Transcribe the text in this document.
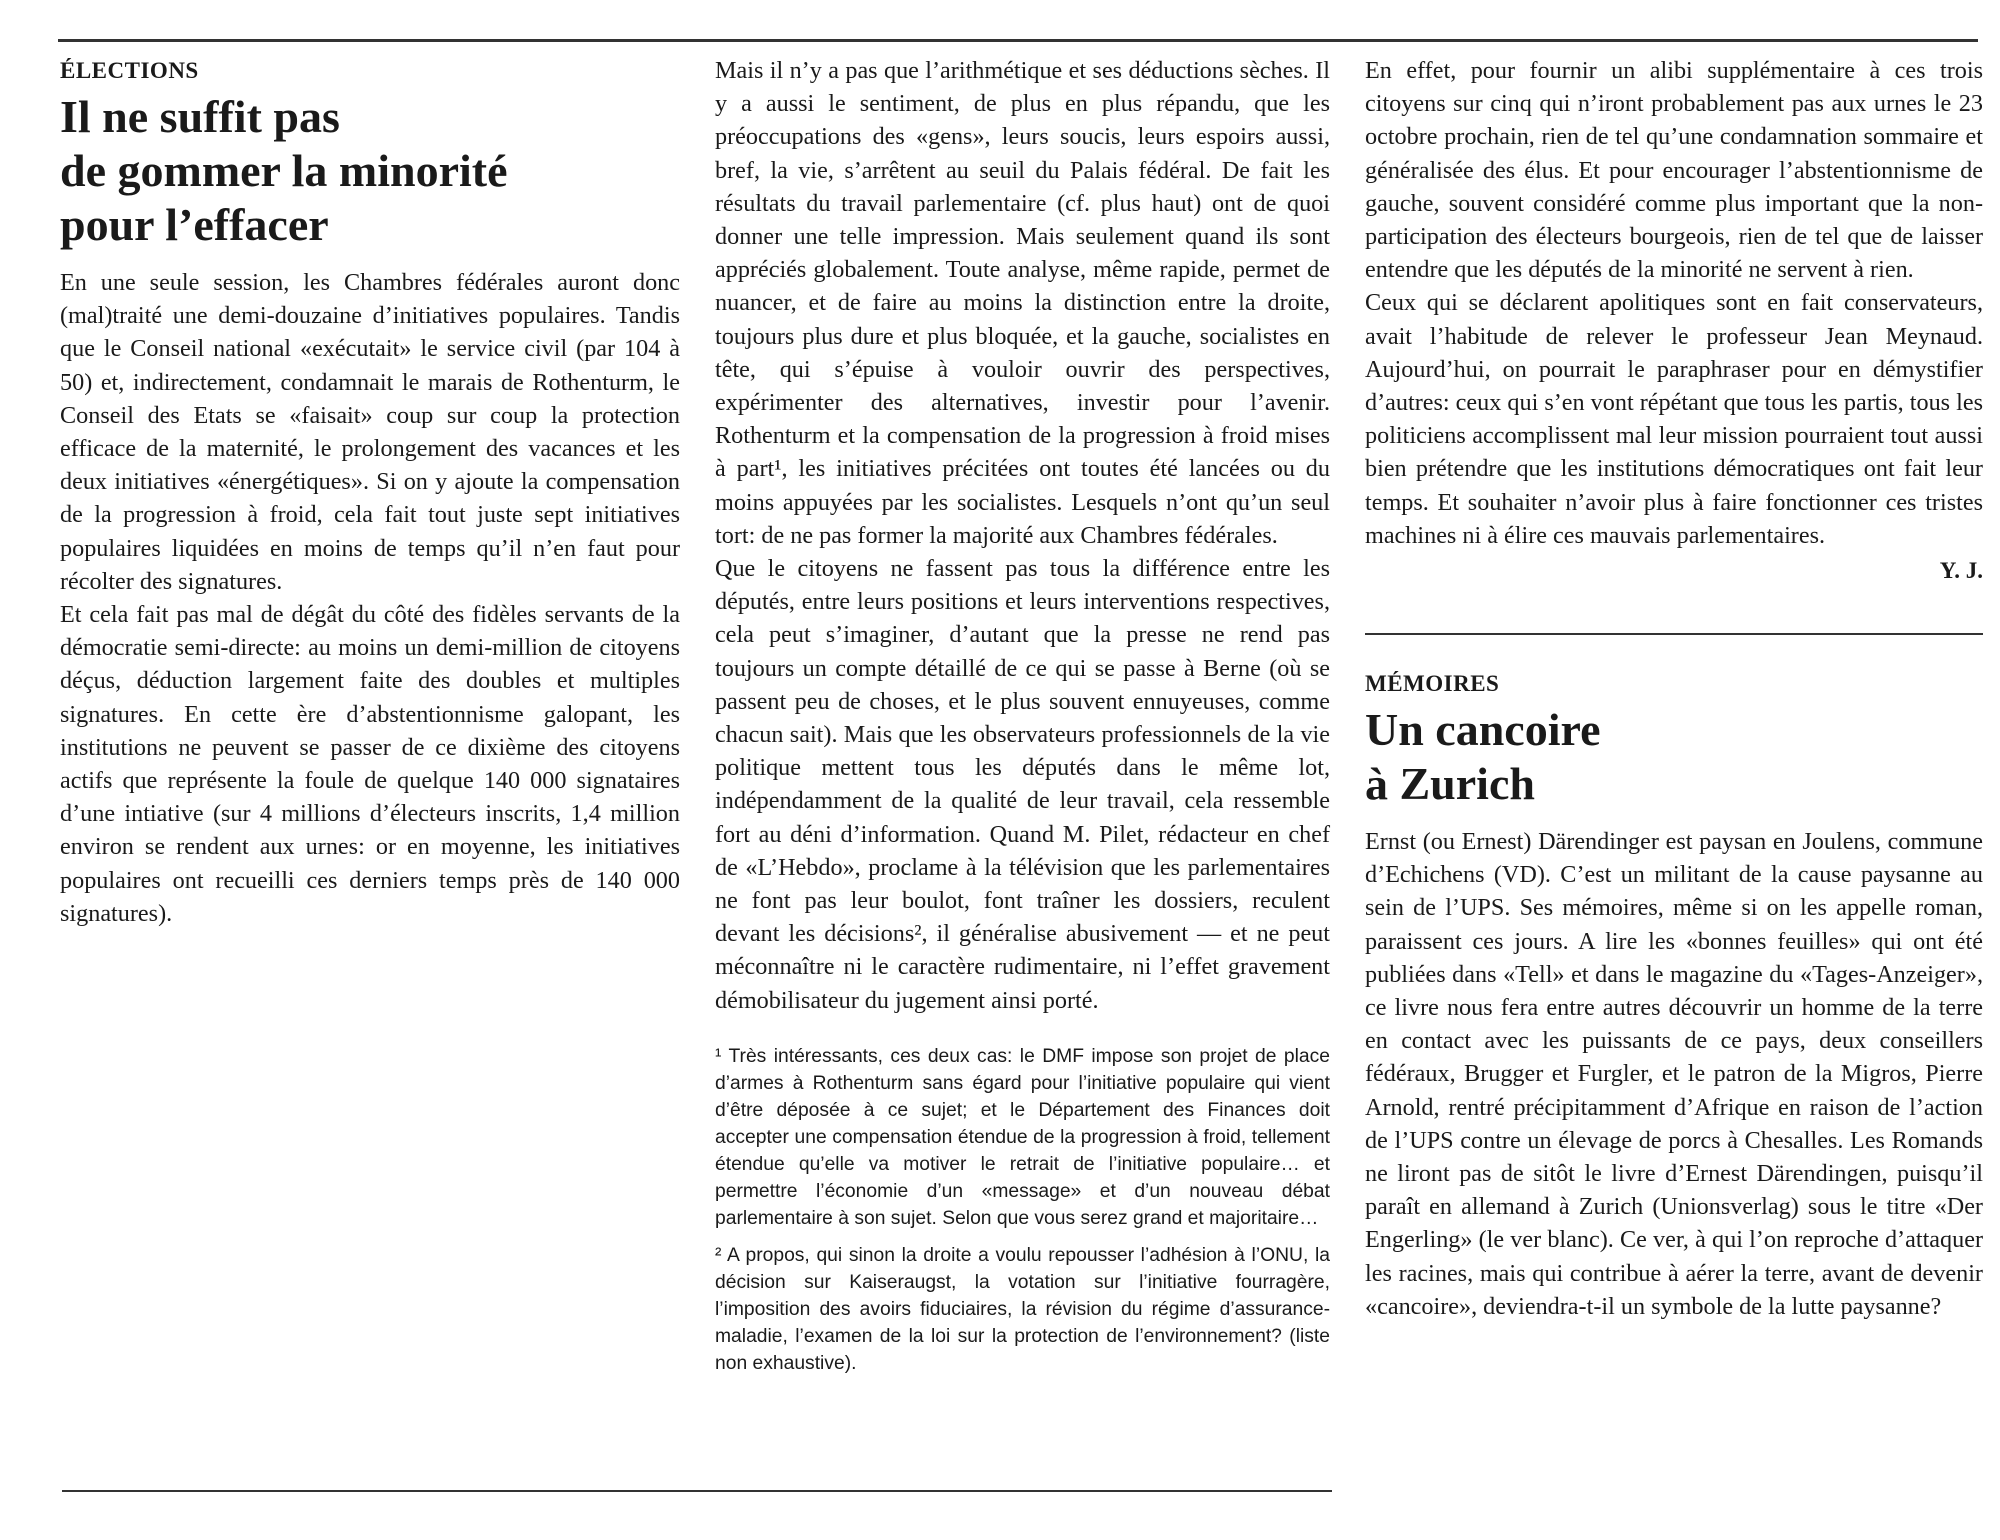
ÉLECTIONS
Il ne suffit pas
de gommer la minorité
pour l’effacer

En une seule session, les Chambres fédérales auront donc (mal)traité une demi-douzaine d’initiatives populaires. Tandis que le Conseil national «exécutait» le service civil (par 104 à 50) et, indirectement, condamnait le marais de Rothenturm, le Conseil des Etats se «faisait» coup sur coup la protection efficace de la maternité, le prolongement des vacances et les deux initiatives «énergétiques». Si on y ajoute la compensation de la progression à froid, cela fait tout juste sept initiatives populaires liquidées en moins de temps qu’il n’en faut pour récolter des signatures.

Et cela fait pas mal de dégât du côté des fidèles servants de la démocratie semi-directe: au moins un demi-million de citoyens déçus, déduction largement faite des doubles et multiples signatures. En cette ère d’abstentionnisme galopant, les institutions ne peuvent se passer de ce dixième des citoyens actifs que représente la foule de quelque 140 000 signataires d’une intiative (sur 4 millions d’électeurs inscrits, 1,4 million environ se rendent aux urnes: or en moyenne, les initiatives populaires ont recueilli ces derniers temps près de 140 000 signatures).

Mais il n’y a pas que l’arithmétique et ses déductions sèches. Il y a aussi le sentiment, de plus en plus répandu, que les préoccupations des «gens», leurs soucis, leurs espoirs aussi, bref, la vie, s’arrêtent au seuil du Palais fédéral. De fait les résultats du travail parlementaire (cf. plus haut) ont de quoi donner une telle impression. Mais seulement quand ils sont appréciés globalement. Toute analyse, même rapide, permet de nuancer, et de faire au moins la distinction entre la droite, toujours plus dure et plus bloquée, et la gauche, socialistes en tête, qui s’épuise à vouloir ouvrir des perspectives, expérimenter des alternatives, investir pour l’avenir. Rothenturm et la compensation de la progression à froid mises à part¹, les initiatives précitées ont toutes été lancées ou du moins appuyées par les socialistes. Lesquels n’ont qu’un seul tort: de ne pas former la majorité aux Chambres fédérales.

Que le citoyens ne fassent pas tous la différence entre les députés, entre leurs positions et leurs interventions respectives, cela peut s’imaginer, d’autant que la presse ne rend pas toujours un compte détaillé de ce qui se passe à Berne (où se passent peu de choses, et le plus souvent ennuyeuses, comme chacun sait). Mais que les observateurs professionnels de la vie politique mettent tous les députés dans le même lot, indépendamment de la qualité de leur travail, cela ressemble fort au déni d’information. Quand M. Pilet, rédacteur en chef de «L’Hebdo», proclame à la télévision que les parlementaires ne font pas leur boulot, font traîner les dossiers, reculent devant les décisions², il généralise abusivement — et ne peut méconnaître ni le caractère rudimentaire, ni l’effet gravement démobilisateur du jugement ainsi porté.

¹ Très intéressants, ces deux cas: le DMF impose son projet de place d’armes à Rothenturm sans égard pour l’initiative populaire qui vient d’être déposée à ce sujet; et le Département des Finances doit accepter une compensation étendue de la progression à froid, tellement étendue qu’elle va motiver le retrait de l’initiative populaire… et permettre l’économie d’un «message» et d’un nouveau débat parlementaire à son sujet. Selon que vous serez grand et majoritaire…

² A propos, qui sinon la droite a voulu repousser l’adhésion à l’ONU, la décision sur Kaiseraugst, la votation sur l’initiative fourragère, l’imposition des avoirs fiduciaires, la révision du régime d’assurance-maladie, l’examen de la loi sur la protection de l’environnement? (liste non exhaustive).

En effet, pour fournir un alibi supplémentaire à ces trois citoyens sur cinq qui n’iront probablement pas aux urnes le 23 octobre prochain, rien de tel qu’une condamnation sommaire et généralisée des élus. Et pour encourager l’abstentionnisme de gauche, souvent considéré comme plus important que la non-participation des électeurs bourgeois, rien de tel que de laisser entendre que les députés de la minorité ne servent à rien.

Ceux qui se déclarent apolitiques sont en fait conservateurs, avait l’habitude de relever le professeur Jean Meynaud. Aujourd’hui, on pourrait le paraphraser pour en démystifier d’autres: ceux qui s’en vont répétant que tous les partis, tous les politiciens accomplissent mal leur mission pourraient tout aussi bien prétendre que les institutions démocratiques ont fait leur temps. Et souhaiter n’avoir plus à faire fonctionner ces tristes machines ni à élire ces mauvais parlementaires.

Y. J.
MÉMOIRES
Un cancoire
à Zurich

Ernst (ou Ernest) Därendinger est paysan en Joulens, commune d’Echichens (VD). C’est un militant de la cause paysanne au sein de l’UPS. Ses mémoires, même si on les appelle roman, paraissent ces jours. A lire les «bonnes feuilles» qui ont été publiées dans «Tell» et dans le magazine du «Tages-Anzeiger», ce livre nous fera entre autres découvrir un homme de la terre en contact avec les puissants de ce pays, deux conseillers fédéraux, Brugger et Furgler, et le patron de la Migros, Pierre Arnold, rentré précipitamment d’Afrique en raison de l’action de l’UPS contre un élevage de porcs à Chesalles. Les Romands ne liront pas de sitôt le livre d’Ernest Därendingen, puisqu’il paraît en allemand à Zurich (Unionsverlag) sous le titre «Der Engerling» (le ver blanc). Ce ver, à qui l’on reproche d’attaquer les racines, mais qui contribue à aérer la terre, avant de devenir «cancoire», deviendra-t-il un symbole de la lutte paysanne?
